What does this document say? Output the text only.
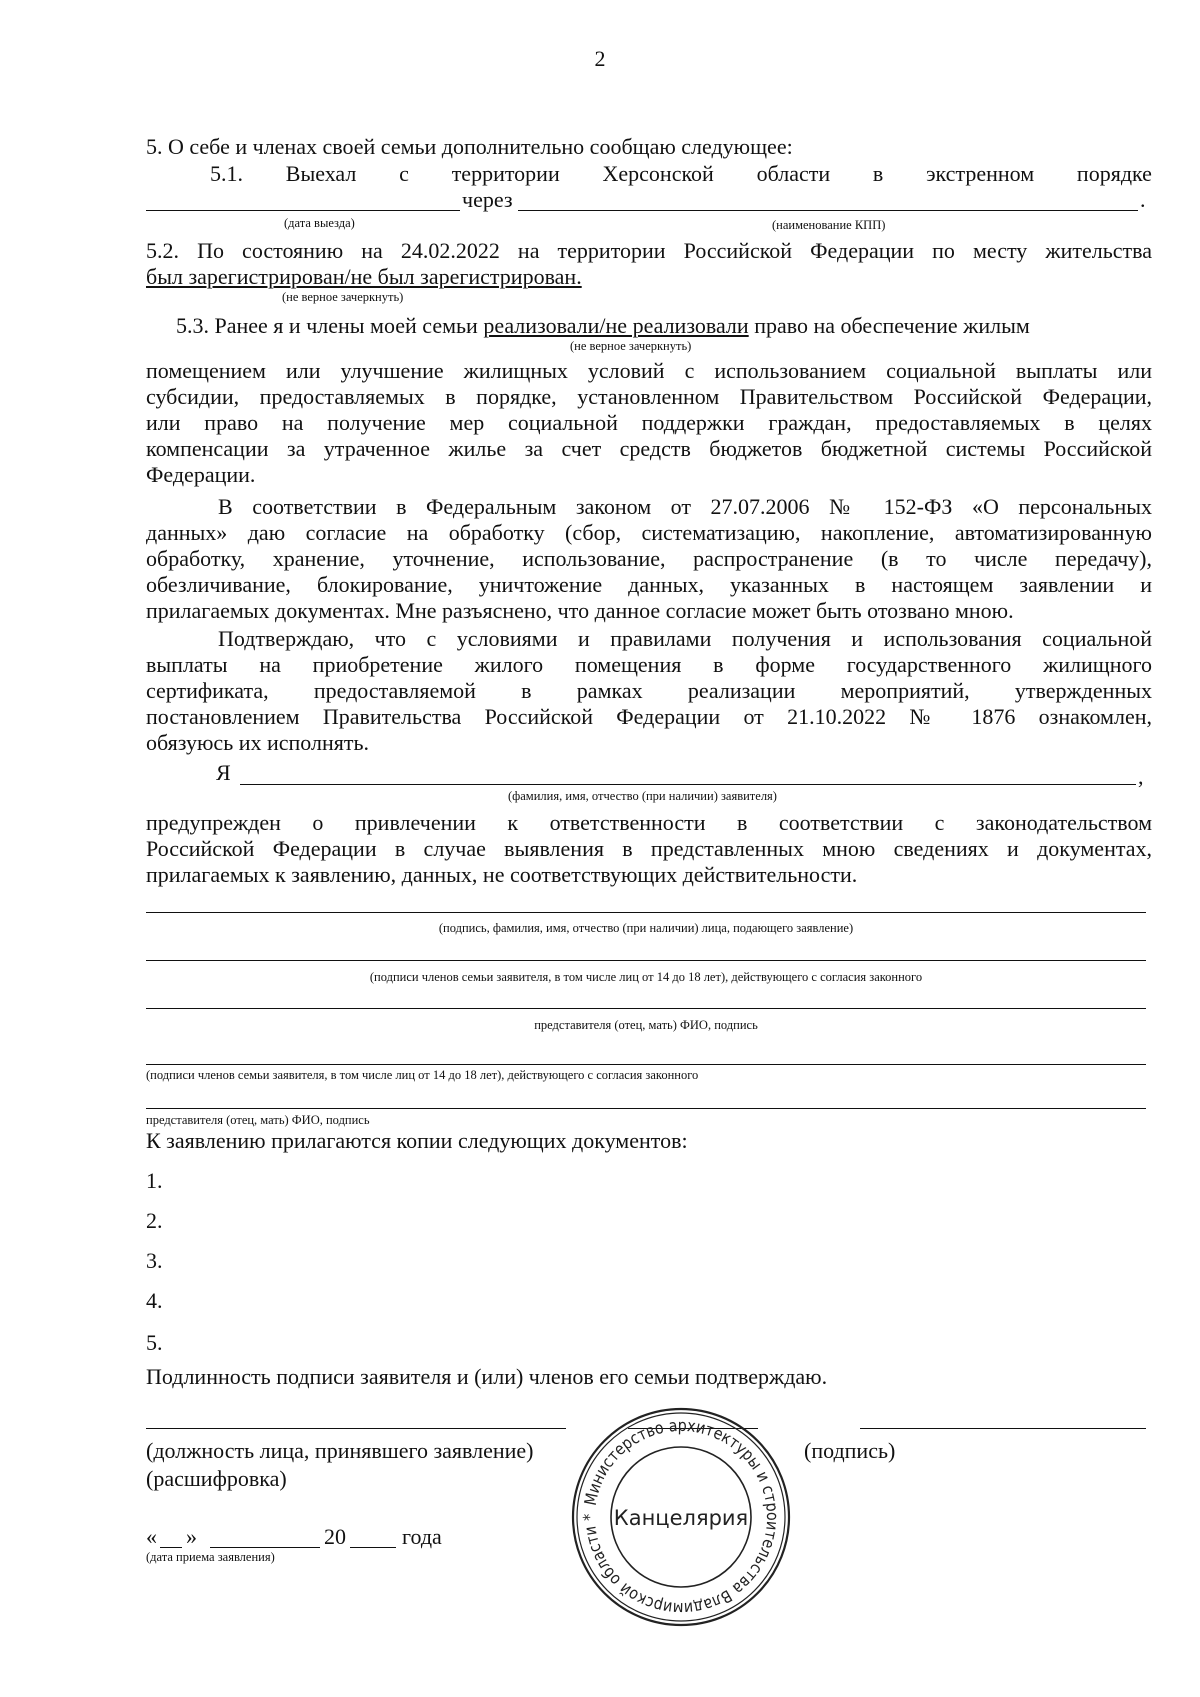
2
5. О себе и членах своей семьи дополнительно сообщаю следующее:
5.1. Выехал с территории Херсонской области в экстренном порядке
через	.
(дата выезда)	(наименование КПП)
5.2. По состоянию на 24.02.2022 на территории Российской Федерации по месту жительства
был зарегистрирован/не был зарегистрирован.
(не верное зачеркнуть)
5.3. Ранее я и члены моей семьи реализовали/не реализовали право на обеспечение жилым
(не верное зачеркнуть)
помещением или улучшение жилищных условий с использованием социальной выплаты или
субсидии, предоставляемых в порядке, установленном Правительством Российской Федерации,
или право на получение мер социальной поддержки граждан, предоставляемых в целях
компенсации за утраченное жилье за счет средств бюджетов бюджетной системы Российской
Федерации.
В соответствии в Федеральным законом от 27.07.2006 № 152-ФЗ «О персональных
данных» даю согласие на обработку (сбор, систематизацию, накопление, автоматизированную
обработку, хранение, уточнение, использование, распространение (в то числе передачу),
обезличивание, блокирование, уничтожение данных, указанных в настоящем заявлении и
прилагаемых документах. Мне разъяснено, что данное согласие может быть отозвано мною.
Подтверждаю, что с условиями и правилами получения и использования социальной
выплаты на приобретение жилого помещения в форме государственного жилищного
сертификата, предоставляемой в рамках реализации мероприятий, утвержденных
постановлением Правительства Российской Федерации от 21.10.2022 № 1876 ознакомлен,
обязуюсь их исполнять.
Я	,
(фамилия, имя, отчество (при наличии) заявителя)
предупрежден о привлечении к ответственности в соответствии с законодательством
Российской Федерации в случае выявления в представленных мною сведениях и документах,
прилагаемых к заявлению, данных, не соответствующих действительности.
(подпись, фамилия, имя, отчество (при наличии) лица, подающего заявление)
(подписи членов семьи заявителя, в том числе лиц от 14 до 18 лет), действующего с согласия законного
представителя (отец, мать) ФИО, подпись
(подписи членов семьи заявителя, в том числе лиц от 14 до 18 лет), действующего с согласия законного
представителя (отец, мать) ФИО, подпись
К заявлению прилагаются копии следующих документов:
1.
2.
3.
4.
5.
Подлинность подписи заявителя и (или) членов его семьи подтверждаю.
(должность лица, принявшего заявление)	(подпись)
(расшифровка)
« »	20	года
(дата приема заявления)
Министерство архитектуры и строительства Владимирской области * Канцелярия
